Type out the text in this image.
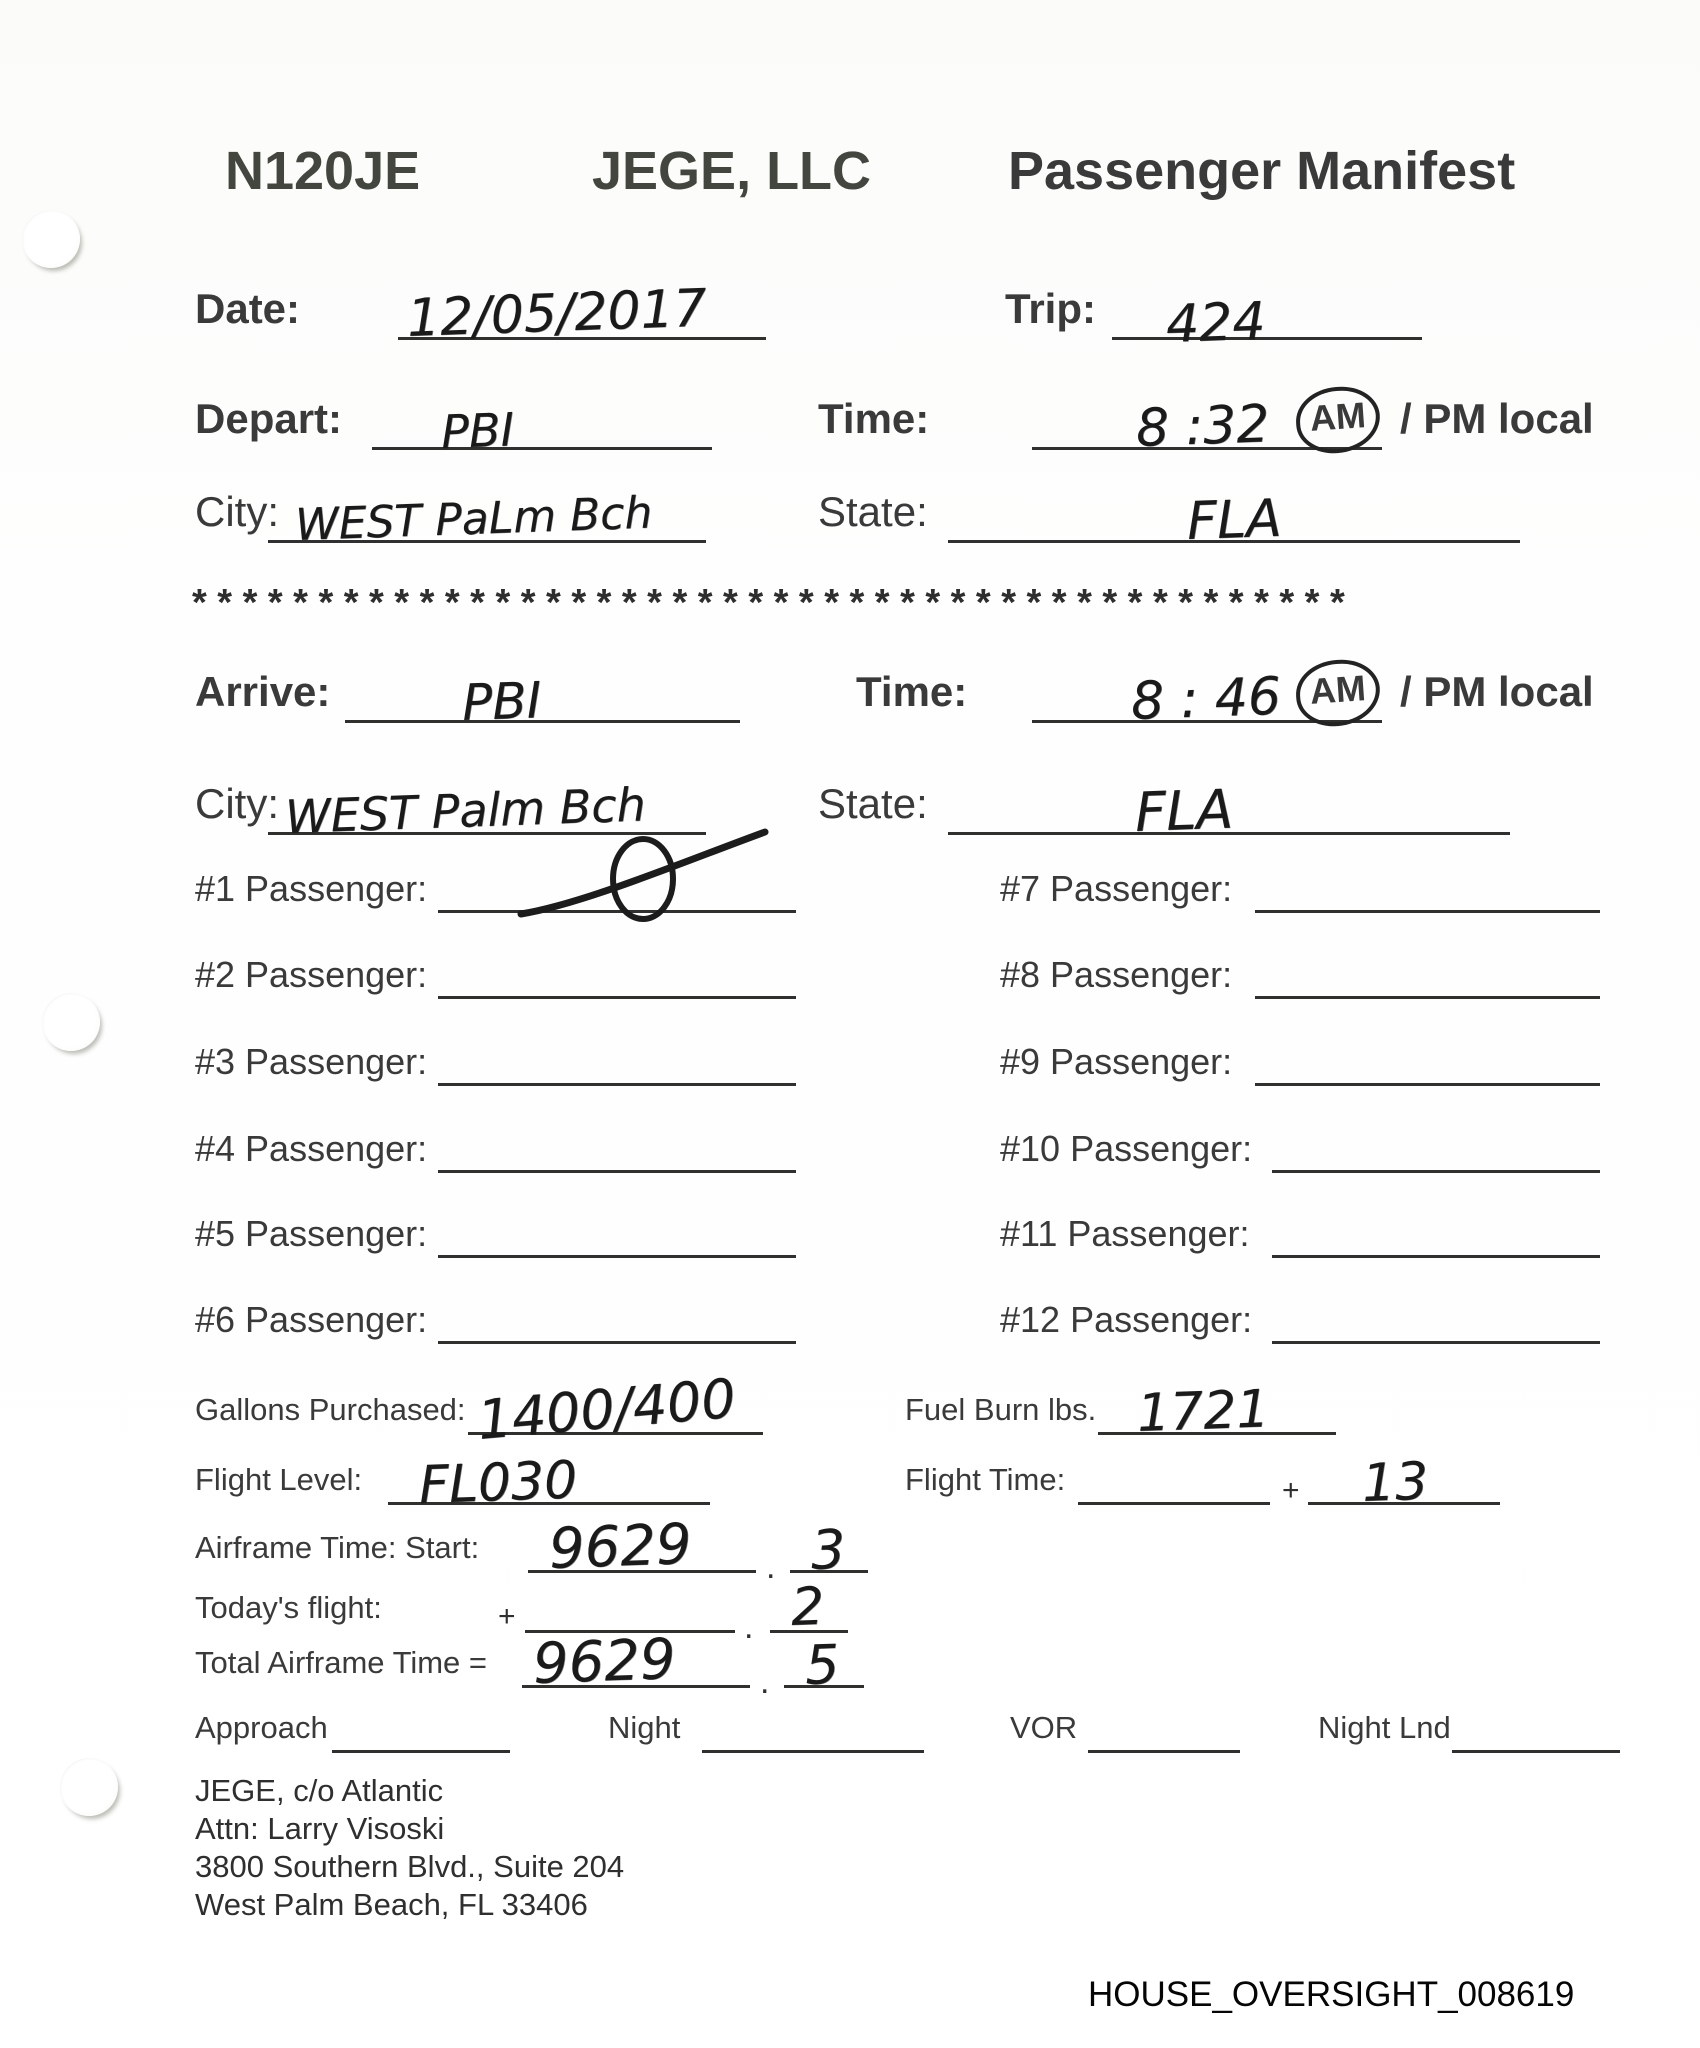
N120JE	JEGE, LLC	Passenger Manifest
Date: 12/05/2017	Trip: 424
Depart: PBI	Time:	8 :32	AM / PM local
City: WEST PaLm Bch	State:	FLA
**********************************************
Arrive:	PBI	Time:	8 : 46 AM / PM local
City: WEST Palm Bch	State:	FLA
#1 Passenger:	#7 Passenger:
#2 Passenger:	#8 Passenger:
#3 Passenger:	#9 Passenger:
#4 Passenger:	#10 Passenger:
#5 Passenger:	#11 Passenger:
#6 Passenger:	#12 Passenger:
Gallons Purchased: 1400/400	Fuel Burn lbs. 1721
Flight Level: FL030	Flight Time:	+ 13
Airframe Time: Start: 9629 . 3
Today's flight:	+	. 2
Total Airframe Time = 9629 . 5
Approach	Night	VOR	Night Lnd
JEGE, c/o Atlantic
Attn: Larry Visoski
3800 Southern Blvd., Suite 204
West Palm Beach, FL 33406
HOUSE_OVERSIGHT_008619
